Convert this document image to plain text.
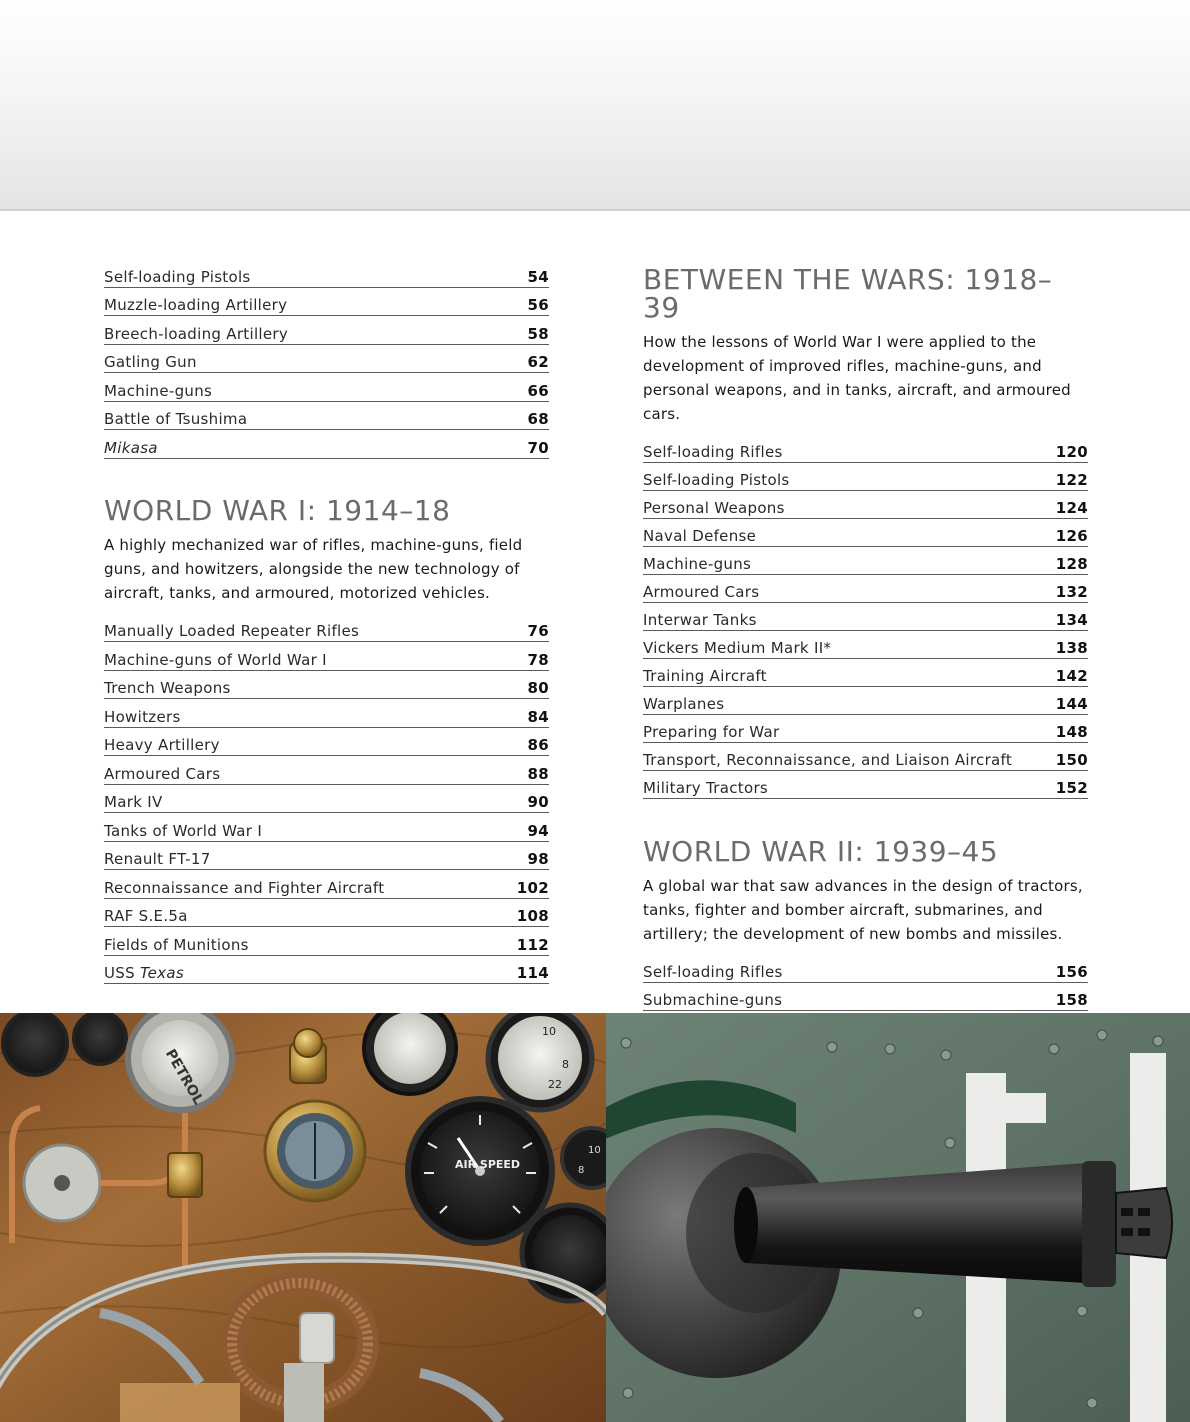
Self-loading Pistols	54
Muzzle-loading Artillery	56
Breech-loading Artillery	58
Gatling Gun	62
Machine-guns	66
Battle of Tsushima	68
Mikasa	70
WORLD WAR I: 1914–18

A highly mechanized war of rifles, machine-guns, field guns, and howitzers, alongside the new technology of aircraft, tanks, and armoured, motorized vehicles.

Manually Loaded Repeater Rifles	76
Machine-guns of World War I	78
Trench Weapons	80
Howitzers	84
Heavy Artillery	86
Armoured Cars	88
Mark IV	90
Tanks of World War I	94
Renault FT-17	98
Reconnaissance and Fighter Aircraft	102
RAF S.E.5a	108
Fields of Munitions	112
USS Texas	114
BETWEEN THE WARS: 1918–39

How the lessons of World War I were applied to the development of improved rifles, machine-guns, and personal weapons, and in tanks, aircraft, and armoured cars.

Self-loading Rifles	120
Self-loading Pistols	122
Personal Weapons	124
Naval Defense	126
Machine-guns	128
Armoured Cars	132
Interwar Tanks	134
Vickers Medium Mark II*	138
Training Aircraft	142
Warplanes	144
Preparing for War	148
Transport, Reconnaissance, and Liaison Aircraft	150
Military Tractors	152
WORLD WAR II: 1939–45

A global war that saw advances in the design of tractors, tanks, fighter and bomber aircraft, submarines, and artillery; the development of new bombs and missiles.

Self-loading Rifles	156
Submachine-guns	158
PETROL
10
8
22
AIR SPEED
10
8
